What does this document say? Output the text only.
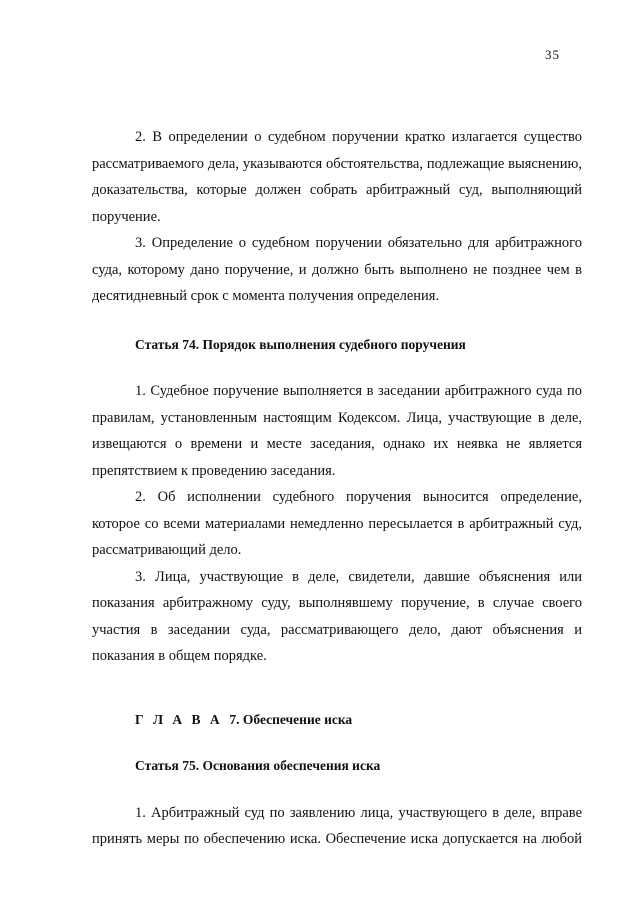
35

2. В определении о судебном поручении кратко излагается существо рассматриваемого дела, указываются обстоятельства, подлежащие выяснению, доказательства, которые должен собрать арбитражный суд, выполняющий поручение.

3. Определение о судебном поручении обязательно для арбитражного суда, которому дано поручение, и должно быть выполнено не позднее чем в десятидневный срок с момента получения определения.

Статья 74. Порядок выполнения судебного поручения

1. Судебное поручение выполняется в заседании арбитражного суда по правилам, установленным настоящим Кодексом. Лица, участвующие в деле, извещаются о времени и месте заседания, однако их неявка не является препятствием к проведению заседания.

2. Об исполнении судебного поручения выносится определение, которое со всеми материалами немедленно пересылается в арбитражный суд, рассматривающий дело.

3. Лица, участвующие в деле, свидетели, давшие объяснения или показания арбитражному суду, выполнявшему поручение, в случае своего участия в заседании суда, рассматривающего дело, дают объяснения и показания в общем порядке.

Г Л А В А 7. Обеспечение иска

Статья 75. Основания обеспечения иска

1. Арбитражный суд по заявлению лица, участвующего в деле, вправе принять меры по обеспечению иска. Обеспечение иска допускается на любой
